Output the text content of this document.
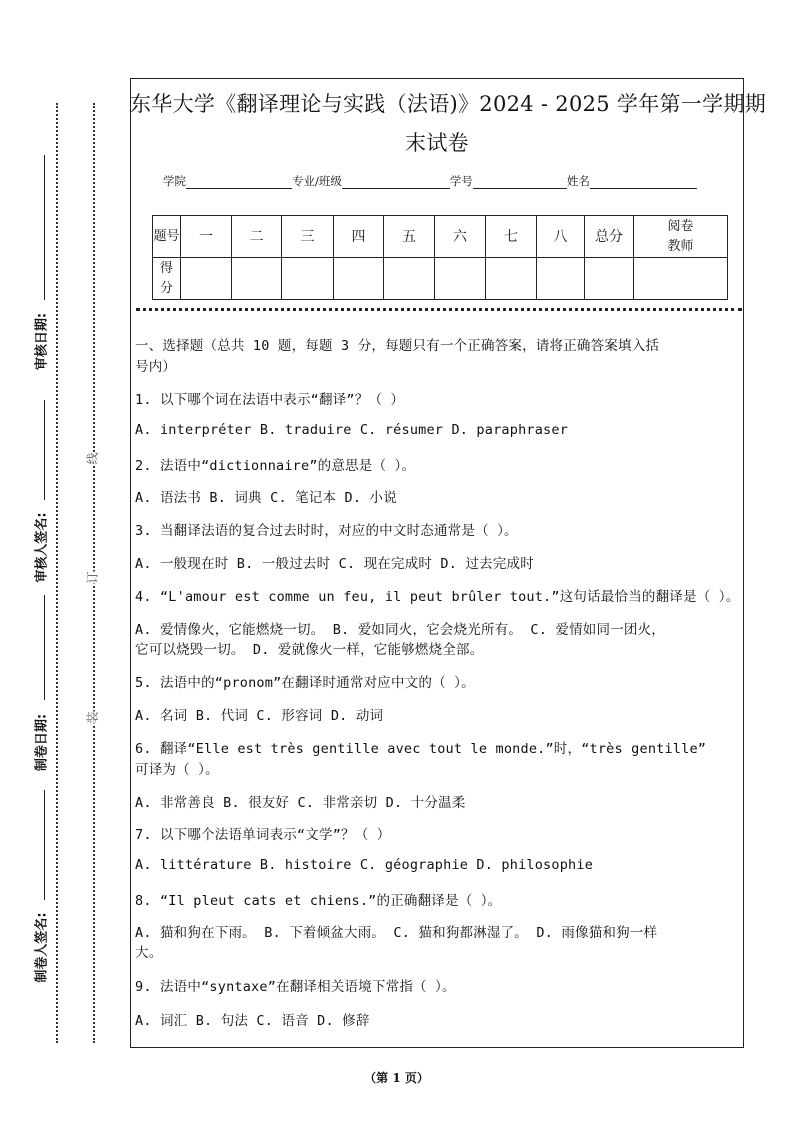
审核日期:
审核人签名:
制卷日期:
制卷人签名:
线
订
装
东华大学《翻译理论与实践（法语)》2024 - 2025 学年第一学期期
末试卷
学院	专业/班级	学号	姓名
题号	一	二	三	四	五	六	七	八	总分	阅卷教师
得分										
一、选择题（总共 10 题，每题 3 分，每题只有一个正确答案，请将正确答案填入括
号内）
1. 以下哪个词在法语中表示“翻译”？（ ）
A. interpréter B. traduire C. résumer D. paraphraser
2. 法语中“dictionnaire”的意思是（ ）。
A. 语法书 B. 词典 C. 笔记本 D. 小说
3. 当翻译法语的复合过去时时，对应的中文时态通常是（ ）。
A. 一般现在时 B. 一般过去时 C. 现在完成时 D. 过去完成时
4. “L'amour est comme un feu, il peut brûler tout.”这句话最恰当的翻译是（ ）。
A. 爱情像火，它能燃烧一切。 B. 爱如同火，它会烧光所有。 C. 爱情如同一团火，
它可以烧毁一切。 D. 爱就像火一样，它能够燃烧全部。
5. 法语中的“pronom”在翻译时通常对应中文的（ ）。
A. 名词 B. 代词 C. 形容词 D. 动词
6. 翻译“Elle est très gentille avec tout le monde.”时，“très gentille”
可译为（ ）。
A. 非常善良 B. 很友好 C. 非常亲切 D. 十分温柔
7. 以下哪个法语单词表示“文学”？（ ）
A. littérature B. histoire C. géographie D. philosophie
8. “Il pleut cats et chiens.”的正确翻译是（ ）。
A. 猫和狗在下雨。 B. 下着倾盆大雨。 C. 猫和狗都淋湿了。 D. 雨像猫和狗一样
大。
9. 法语中“syntaxe”在翻译相关语境下常指（ ）。
A. 词汇 B. 句法 C. 语音 D. 修辞
（第 1 页）
